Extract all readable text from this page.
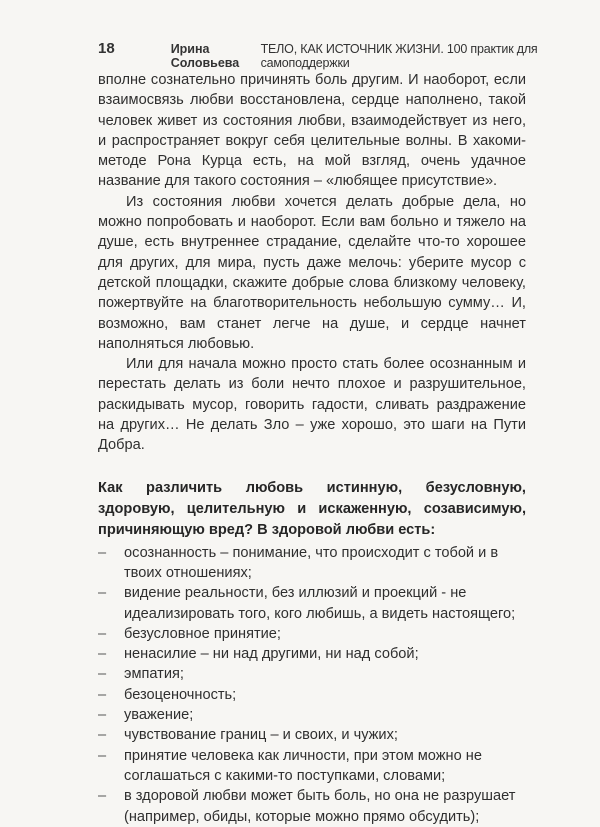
18	Ирина Соловьева
ТЕЛО, КАК ИСТОЧНИК ЖИЗНИ. 100 практик для самоподдержки

вполне сознательно причинять боль другим. И наоборот, если взаимосвязь любви восстановлена, сердце наполнено, такой человек живет из состояния любви, взаимодействует из него, и распространяет вокруг себя целительные волны. В хакоми-методе Рона Курца есть, на мой взгляд, очень удачное название для такого состояния – «любящее присутствие».

Из состояния любви хочется делать добрые дела, но можно попробовать и наоборот. Если вам больно и тяжело на душе, есть внутреннее страдание, сделайте что-то хорошее для других, для мира, пусть даже мелочь: уберите мусор с детской площадки, скажите добрые слова близкому человеку, пожертвуйте на благотворительность небольшую сумму… И, возможно, вам станет легче на душе, и сердце начнет наполняться любовью.

Или для начала можно просто стать более осознанным и перестать делать из боли нечто плохое и разрушительное, раскидывать мусор, говорить гадости, сливать раздражение на других… Не делать Зло – уже хорошо, это шаги на Пути Добра.

Как различить любовь истинную, безусловную, здоровую, целительную и искаженную, созависимую, причиняющую вред? В здоровой любви есть:

– осознанность – понимание, что происходит с тобой и в твоих отношениях;
– видение реальности, без иллюзий и проекций - не идеализировать того, кого любишь, а видеть настоящего;
– безусловное принятие;
– ненасилие – ни над другими, ни над собой;
– эмпатия;
– безоценочность;
– уважение;
– чувствование границ – и своих, и чужих;
– принятие человека как личности, при этом можно не соглашаться с какими-то поступками, словами;
– в здоровой любви может быть боль, но она не разрушает (например, обиды, которые можно прямо обсудить);
